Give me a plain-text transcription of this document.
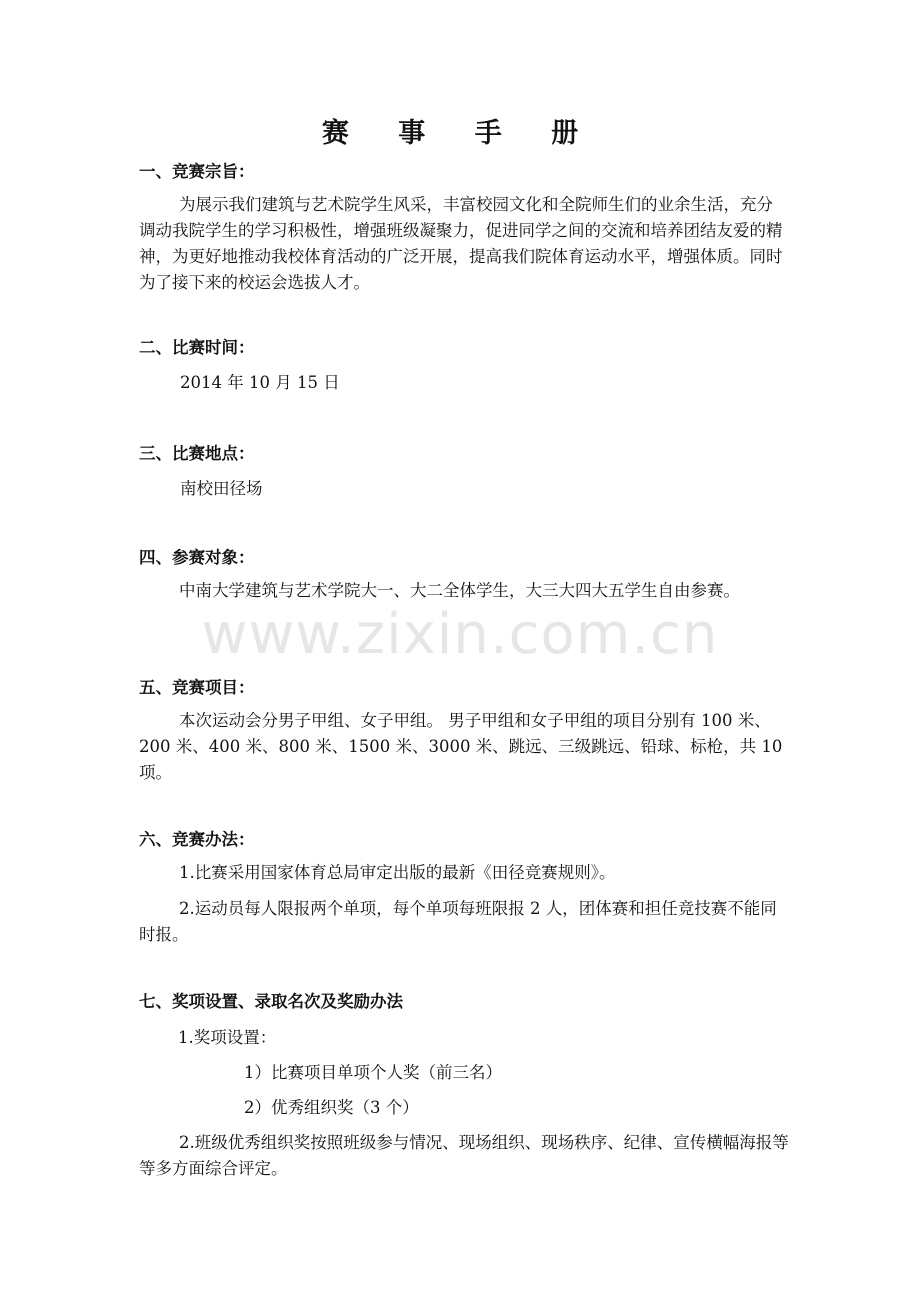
www.zixin.com.cn
赛 事 手 册
一、竞赛宗旨：

为展示我们建筑与艺术院学生风采，丰富校园文化和全院师生们的业余生活，充分调动我院学生的学习积极性，增强班级凝聚力，促进同学之间的交流和培养团结友爱的精神，为更好地推动我校体育活动的广泛开展，提高我们院体育运动水平，增强体质。同时为了接下来的校运会选拔人才。

二、比赛时间：
2014 年 10 月 15 日
三、比赛地点：
南校田径场
四、参赛对象：

中南大学建筑与艺术学院大一、大二全体学生，大三大四大五学生自由参赛。

五、竞赛项目：

本次运动会分男子甲组、女子甲组。 男子甲组和女子甲组的项目分别有 100 米、200 米、400 米、800 米、1500 米、3000 米、跳远、三级跳远、铅球、标枪，共 10 项。

六、竞赛办法：

1.比赛采用国家体育总局审定出版的最新《田径竞赛规则》。

2.运动员每人限报两个单项，每个单项每班限报 2 人，团体赛和担任竞技赛不能同时报。

七、奖项设置、录取名次及奖励办法
1.奖项设置：
1）比赛项目单项个人奖（前三名）
2）优秀组织奖（3 个）

2.班级优秀组织奖按照班级参与情况、现场组织、现场秩序、纪律、宣传横幅海报等等多方面综合评定。
